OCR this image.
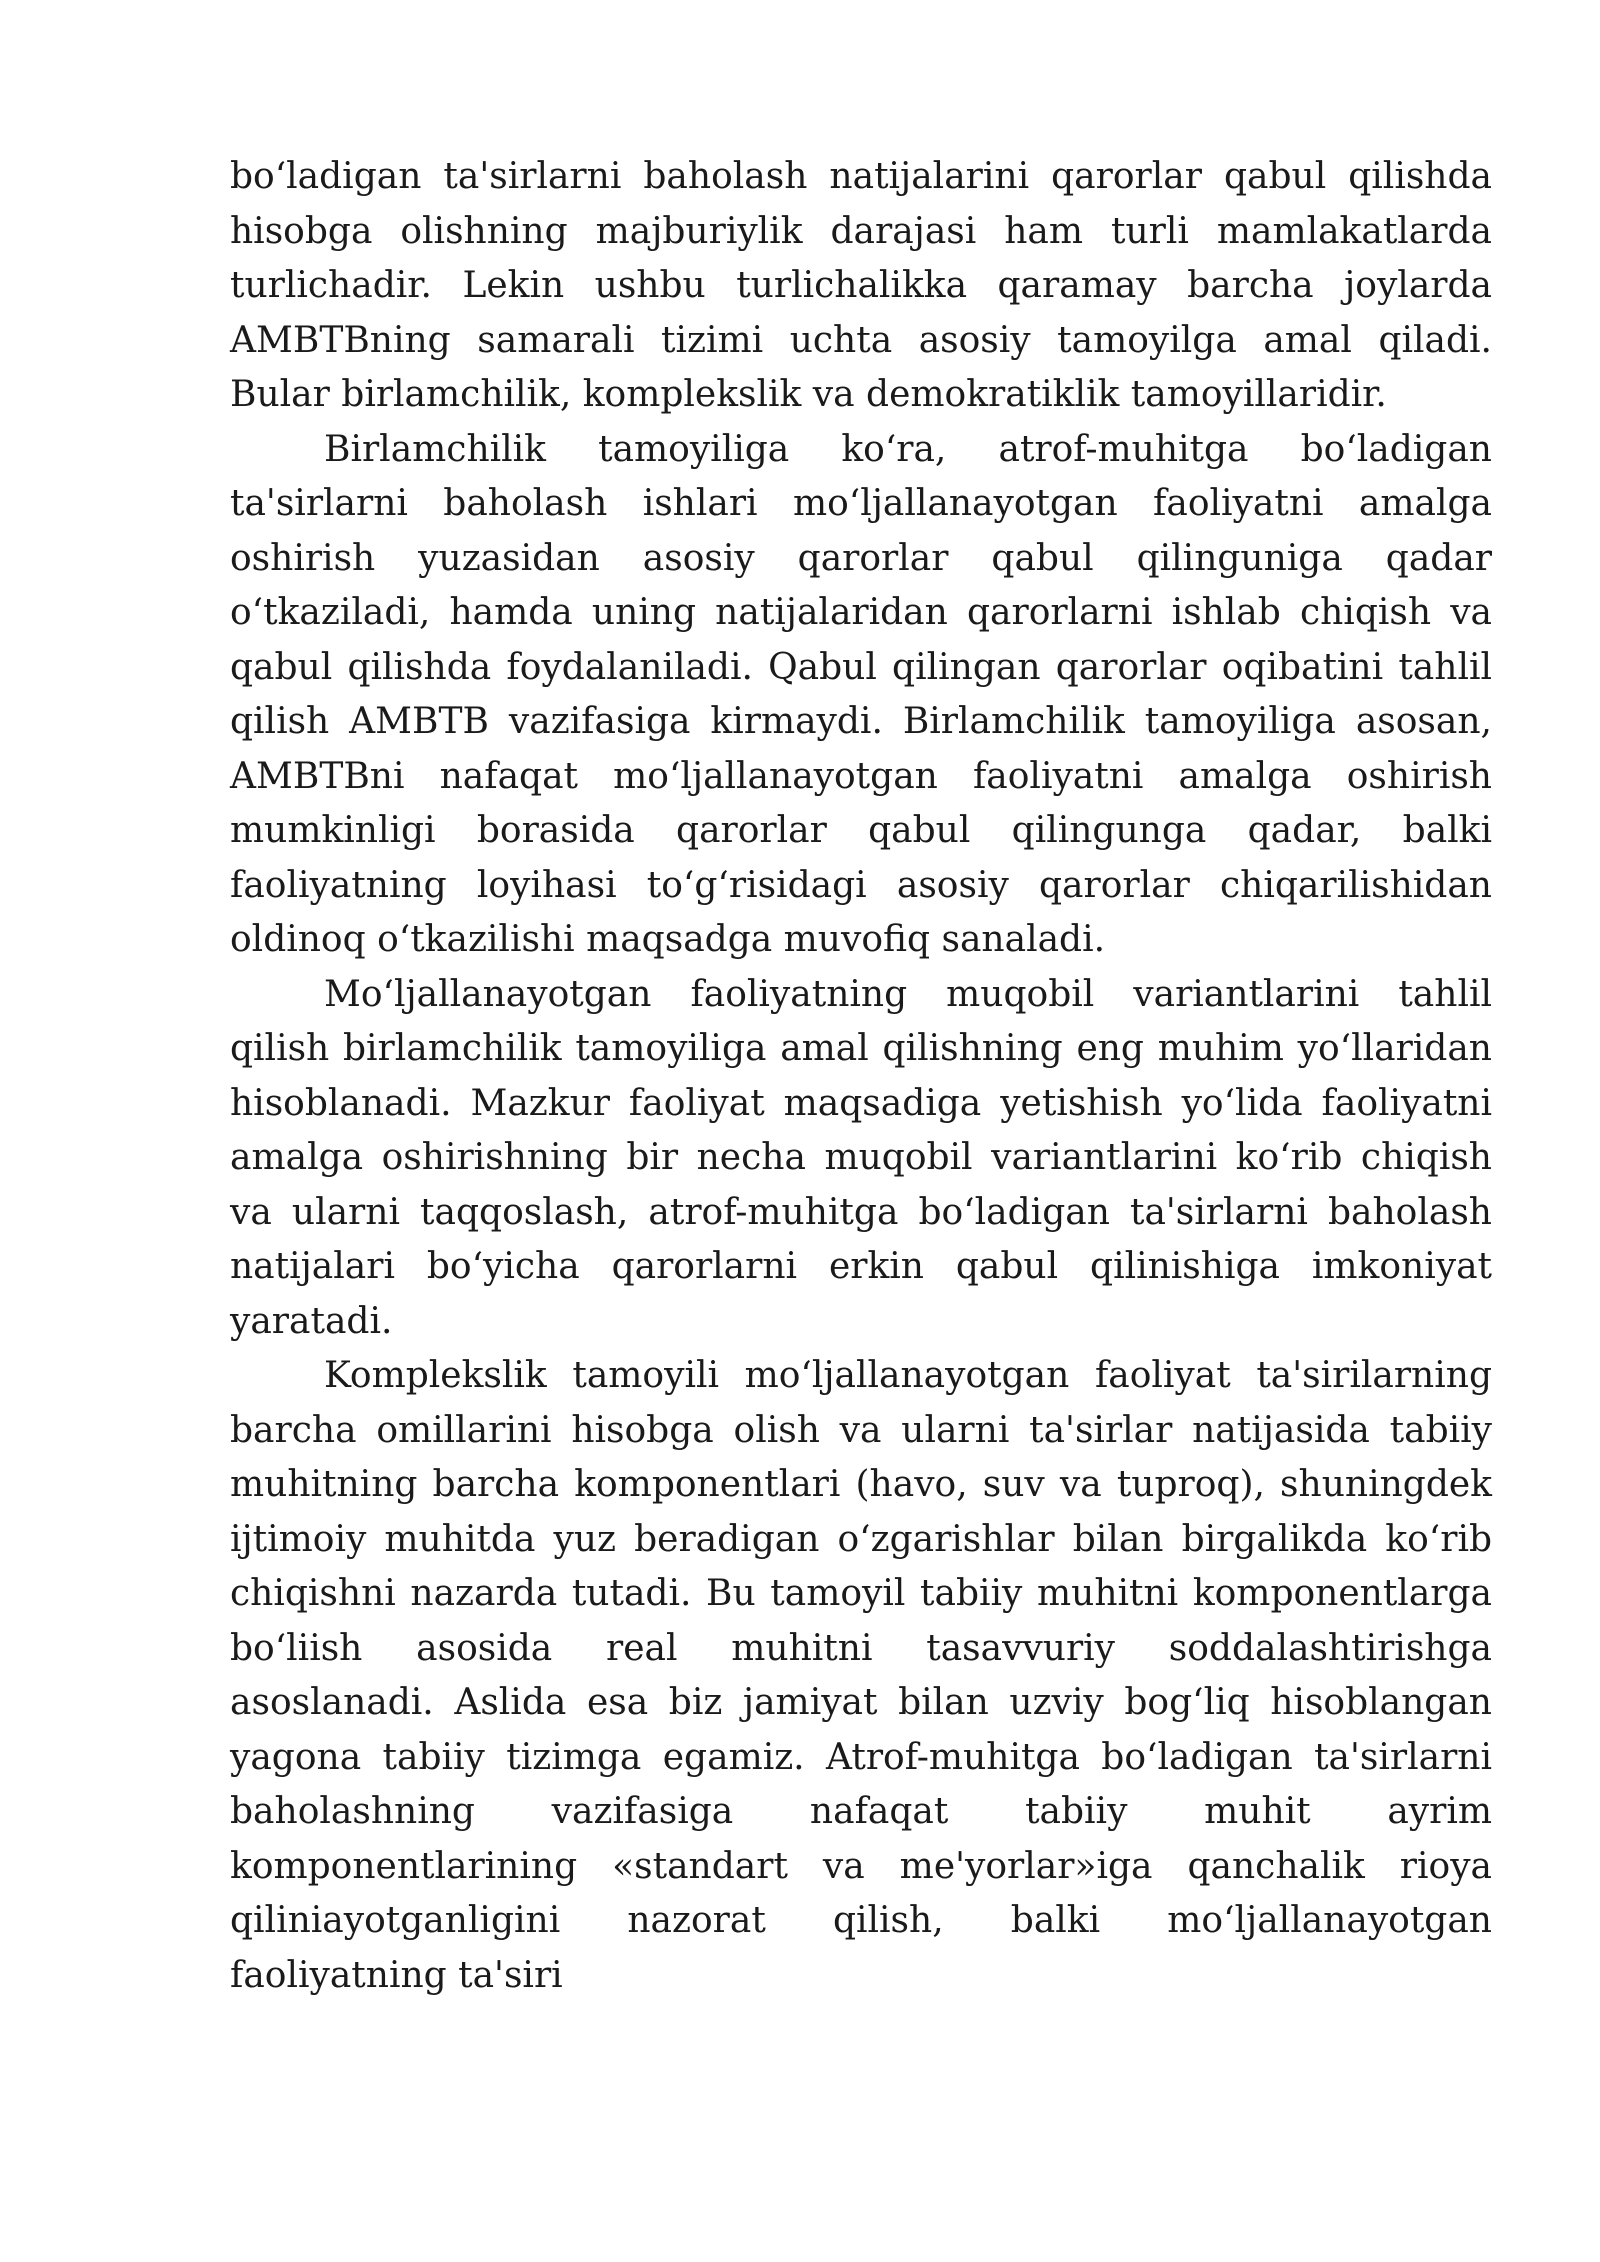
bo‘ladigan ta'sirlarni baholash natijalarini qarorlar qabul qilishda hisobga olishning majburiylik darajasi ham turli mamlakatlarda turlichadir. Lekin ushbu turlichalikka qaramay barcha joylarda AMBTBning samarali tizimi uchta asosiy tamoyilga amal qiladi. Bular birlamchilik, komplekslik va demokratiklik tamoyillaridir.

Birlamchilik tamoyiliga ko‘ra, atrof-muhitga bo‘ladigan ta'sirlarni baholash ishlari mo‘ljallanayotgan faoliyatni amalga oshirish yuzasidan asosiy qarorlar qabul qilinguniga qadar o‘tkaziladi, hamda uning natijalaridan qarorlarni ishlab chiqish va qabul qilishda foydalaniladi. Qabul qilingan qarorlar oqibatini tahlil qilish AMBTB vazifasiga kirmaydi. Birlamchilik tamoyiliga asosan, AMBTBni nafaqat mo‘ljallanayotgan faoliyatni amalga oshirish mumkinligi borasida qarorlar qabul qilingunga qadar, balki faoliyatning loyihasi to‘g‘risidagi asosiy qarorlar chiqarilishidan oldinoq o‘tkazilishi maqsadga muvofiq sanaladi.

Mo‘ljallanayotgan faoliyatning muqobil variantlarini tahlil qilish birlamchilik tamoyiliga amal qilishning eng muhim yo‘llaridan hisoblanadi. Mazkur faoliyat maqsadiga yetishish yo‘lida faoliyatni amalga oshirishning bir necha muqobil variantlarini ko‘rib chiqish va ularni taqqoslash, atrof-muhitga bo‘ladigan ta'sirlarni baholash natijalari bo‘yicha qarorlarni erkin qabul qilinishiga imkoniyat yaratadi.

Komplekslik tamoyili mo‘ljallanayotgan faoliyat ta'sirilarning barcha omillarini hisobga olish va ularni ta'sirlar natijasida tabiiy muhitning barcha komponentlari (havo, suv va tuproq), shuningdek ijtimoiy muhitda yuz beradigan o‘zgarishlar bilan birgalikda ko‘rib chiqishni nazarda tutadi. Bu tamoyil tabiiy muhitni komponentlarga bo‘liish asosida real muhitni tasavvuriy soddalashtirishga asoslanadi. Aslida esa biz jamiyat bilan uzviy bog‘liq hisoblangan yagona tabiiy tizimga egamiz. Atrof-muhitga bo‘ladigan ta'sirlarni baholashning vazifasiga nafaqat tabiiy muhit ayrim komponentlarining «standart va me'yorlar»iga qanchalik rioya qiliniayotganligini nazorat qilish, balki mo‘ljallanayotgan faoliyatning ta'siri
